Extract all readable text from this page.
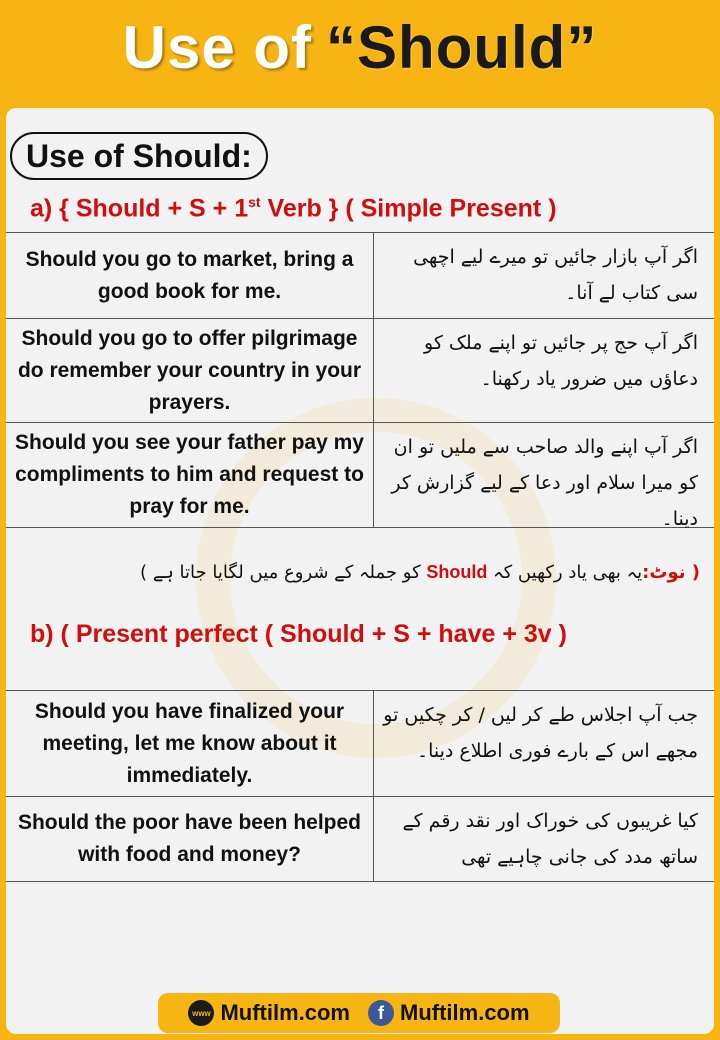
Use of “Should”
Use of Should:
a) { Should + S + 1st Verb } ( Simple Present )
Should you go to market, bring a good book for me.
اگر آپ بازار جائیں تو میرے لیے اچھی سی کتاب لے آنا۔
Should you go to offer pilgrimage do remember your country in your prayers.
اگر آپ حج پر جائیں تو اپنے ملک کو دعاؤں میں ضرور یاد رکھنا۔
Should you see your father pay my compliments to him and request to pray for me.
اگر آپ اپنے والد صاحب سے ملیں تو ان کو میرا سلام اور دعا کے لیے گزارش کر دینا۔
( نوٹ:یہ بھی یاد رکھیں کہ Should کو جملہ کے شروع میں لگایا جاتا ہے )
b) ( Present perfect ( Should + S + have + 3v )
Should you have finalized your meeting, let me know about it immediately.
جب آپ اجلاس طے کر لیں / کر چکیں تو مجھے اس کے بارے فوری اطلاع دینا۔
Should the poor have been helped with food and money?
کیا غریبوں کی خوراک اور نقد رقم کے ساتھ مدد کی جانی چاہیے تھی
www Muftilm.com	f Muftilm.com
